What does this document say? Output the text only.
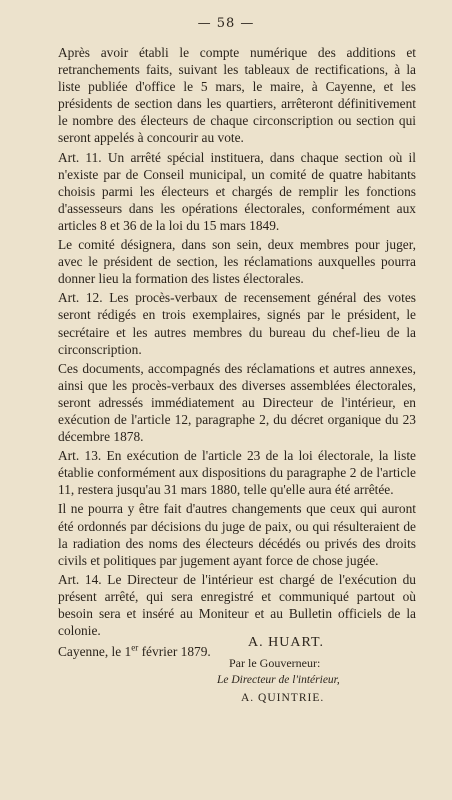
— 58 —

Après avoir établi le compte numérique des additions et retranchements faits, suivant les tableaux de rectifications, à la liste publiée d'office le 5 mars, le maire, à Cayenne, et les présidents de section dans les quartiers, arrêteront définitivement le nombre des électeurs de chaque circonscription ou section qui seront appelés à concourir au vote.

Art. 11. Un arrêté spécial instituera, dans chaque section où il n'existe par de Conseil municipal, un comité de quatre habitants choisis parmi les électeurs et chargés de remplir les fonctions d'assesseurs dans les opérations électorales, conformément aux articles 8 et 36 de la loi du 15 mars 1849.

Le comité désignera, dans son sein, deux membres pour juger, avec le président de section, les réclamations auxquelles pourra donner lieu la formation des listes électorales.

Art. 12. Les procès-verbaux de recensement général des votes seront rédigés en trois exemplaires, signés par le président, le secrétaire et les autres membres du bureau du chef-lieu de la circonscription.

Ces documents, accompagnés des réclamations et autres annexes, ainsi que les procès-verbaux des diverses assemblées électorales, seront adressés immédiatement au Directeur de l'intérieur, en exécution de l'article 12, paragraphe 2, du décret organique du 23 décembre 1878.

Art. 13. En exécution de l'article 23 de la loi électorale, la liste établie conformément aux dispositions du paragraphe 2 de l'article 11, restera jusqu'au 31 mars 1880, telle qu'elle aura été arrêtée.

Il ne pourra y être fait d'autres changements que ceux qui auront été ordonnés par décisions du juge de paix, ou qui résulteraient de la radiation des noms des électeurs décédés ou privés des droits civils et politiques par jugement ayant force de chose jugée.

Art. 14. Le Directeur de l'intérieur est chargé de l'exécution du présent arrêté, qui sera enregistré et communiqué partout où besoin sera et inséré au Moniteur et au Bulletin officiels de la colonie.

Cayenne, le 1er février 1879.

A. HUART.
Par le Gouverneur:
Le Directeur de l'intérieur,
A. QUINTRIE.
